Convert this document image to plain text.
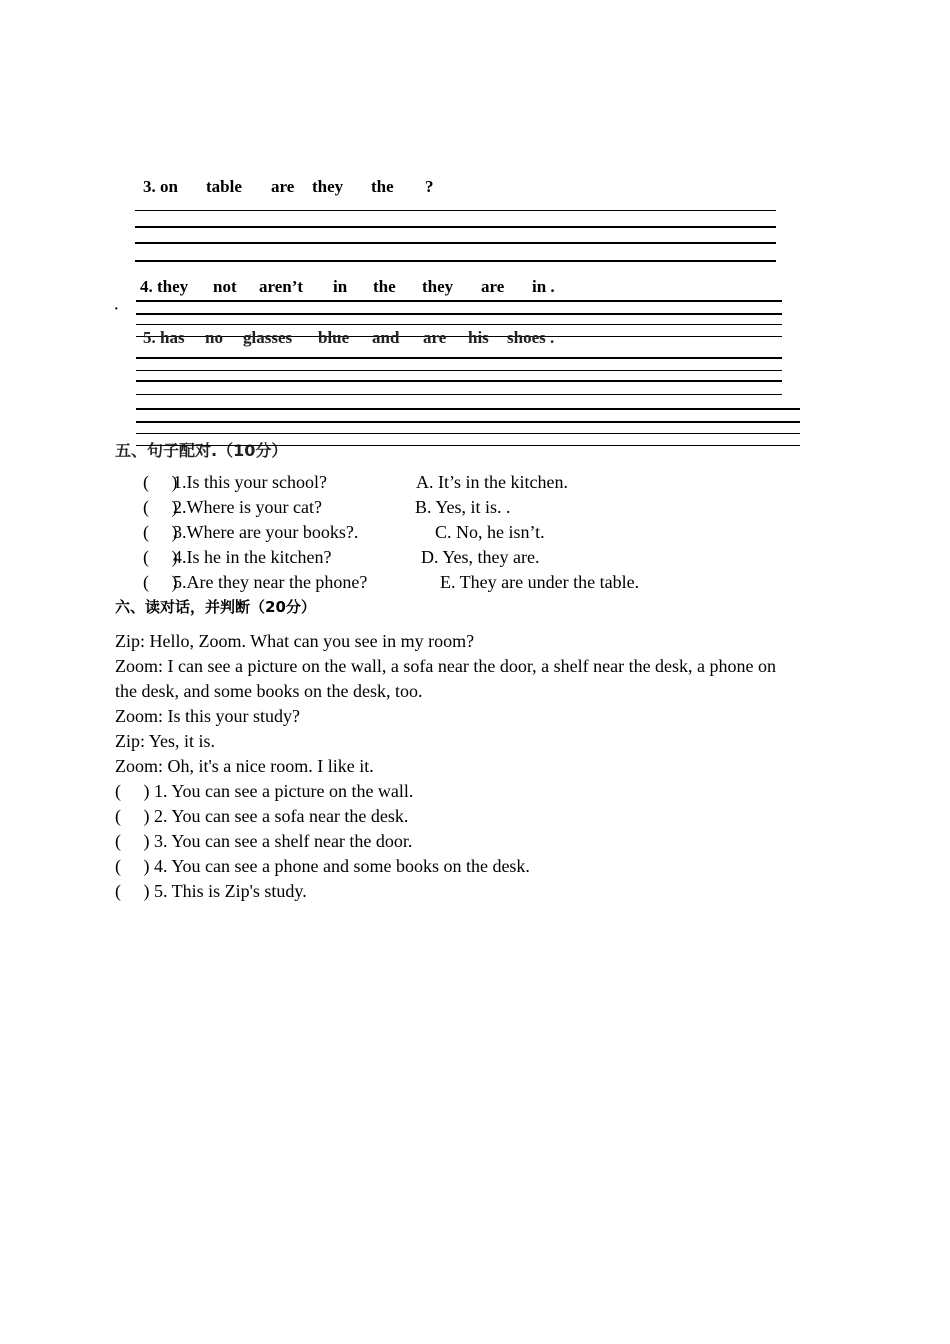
3. on table are they the ?
4. they not aren’t in the they are in .
·
5. has no glasses blue and are his shoes .
五、句子配对.（10分）
(     )
1.Is this your school?	A. It’s in the kitchen.
(     )
2.Where is your cat?	B. Yes, it is. .
(     )
3.Where are your books?.	C. No, he isn’t.
(     )
4.Is he in the kitchen?	D. Yes, they are.
(     )
5.Are they near the phone?	E. They are under the table.
六、读对话，并判断（20分）
Zip: Hello, Zoom. What can you see in my room?
Zoom: I can see a picture on the wall, a sofa near the door, a shelf near the desk, a phone on
the desk, and some books on the desk, too.
Zoom: Is this your study?
Zip: Yes, it is.
Zoom: Oh, it's a nice room. I like it.
(     ) 1. You can see a picture on the wall.
(     ) 2. You can see a sofa near the desk.
(     ) 3. You can see a shelf near the door.
(     ) 4. You can see a phone and some books on the desk.
(     ) 5. This is Zip's study.
